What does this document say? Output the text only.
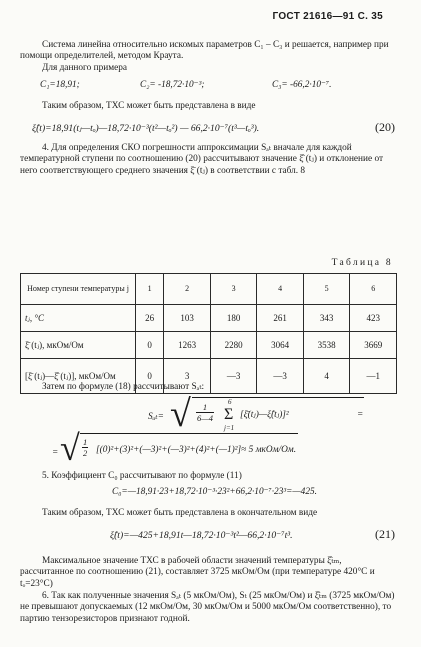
ГОСТ 21616—91 С. 35
Система линейна относительно искомых параметров C₁ – C₃ и решается, например при помощи определителей, методом Краута.
Для данного примера
C₁=18,91;	C₂= -18,72·10⁻³;	C₃= -66,2·10⁻⁷.
Таким образом, ТХС может быть представлена в виде
ξ̂(t)=18,91(tⱼ—tₒ)—18,72·10⁻³(t²—tₒ²) — 66,2·10⁻⁷(t³—tₒ³).	(20)
4. Для определения СКО погрешности аппроксимации Sₐₜ вначале для каждой температурной ступени по соотношению (20) рассчитывают значение ξ̂ (tⱼ) и отклонение от него соответствующего среднего значения ξ̄ (tⱼ) в соответствии с табл. 8
Таблица 8
Номер ступени температуры j	1	2	3	4	5	6
tⱼ, °С	26	103	180	261	343	423
ξ̄ (tⱼ), мкОм/Ом	0	1263	2280	3064	3538	3669
[ξ̄ (tⱼ)—ξ̂ (tⱼ)], мкОм/Ом	0	3	—3	—3	4	—1
Затем по формуле (18) рассчитывают Sₐₜ:
Sₐₜ= √ $\frac{1}{6—4} 6$
Σ
j=1
[ξ̄(tⱼ)—ξ̂(tⱼ)]²	=
= √ $\frac{1}{2}$ [(0)²+(3)²+(—3)²+(—3)²+(4)²+(—1)²]≈ 5 мкОм/Ом.
5. Коэффициент C₀ рассчитывают по формуле (11)
C₀=—18,91·23+18,72·10⁻³·23²+66,2·10⁻⁷·23³=—425.
Таким образом, ТХС может быть представлена в окончательном виде
ξ̂(t)=—425+18,91t—18,72·10⁻³t²—66,2·10⁻⁷t³.	(21)
Максимальное значение ТХС в рабочей области значений температуры ξ̂ₜₘ, рассчитанное по соотношению (21), составляет 3725 мкОм/Ом (при температуре 420°С и tₒ=23°С)
6. Так как полученные значения Sₐₜ (5 мкОм/Ом), Sₜ (25 мкОм/Ом) и ξ̂ₜₘ (3725 мкОм/Ом) не превышают допускаемых (12 мкОм/Ом, 30 мкОм/Ом и 5000 мкОм/Ом соответственно), то партию тензорезисторов признают годной.
